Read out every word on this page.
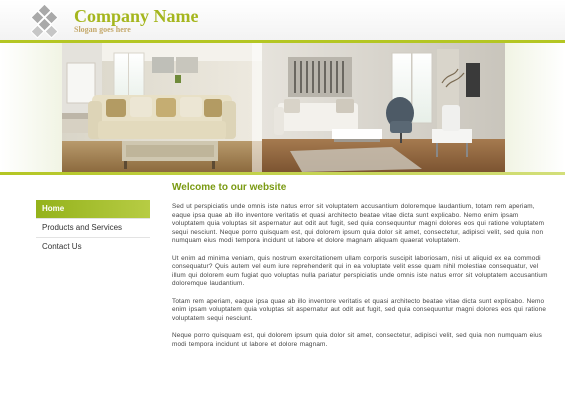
Company Name
Slogan goes here
Home
Products and Services
Contact Us
Welcome to our website

Sed ut perspiciatis unde omnis iste natus error sit voluptatem accusantium doloremque laudantium, totam rem aperiam, eaque ipsa quae ab illo inventore veritatis et quasi architecto beatae vitae dicta sunt explicabo. Nemo enim ipsam voluptatem quia voluptas sit aspernatur aut odit aut fugit, sed quia consequuntur magni dolores eos qui ratione voluptatem sequi nesciunt. Neque porro quisquam est, qui dolorem ipsum quia dolor sit amet, consectetur, adipisci velit, sed quia non numquam eius modi tempora incidunt ut labore et dolore magnam aliquam quaerat voluptatem.

Ut enim ad minima veniam, quis nostrum exercitationem ullam corporis suscipit laboriosam, nisi ut aliquid ex ea commodi consequatur? Quis autem vel eum iure reprehenderit qui in ea voluptate velit esse quam nihil molestiae consequatur, vel illum qui dolorem eum fugiat quo voluptas nulla pariatur perspiciatis unde omnis iste natus error sit voluptatem accusantium doloremque laudantium.

Totam rem aperiam, eaque ipsa quae ab illo inventore veritatis et quasi architecto beatae vitae dicta sunt explicabo. Nemo enim ipsam voluptatem quia voluptas sit aspernatur aut odit aut fugit, sed quia consequuntur magni dolores eos qui ratione voluptatem sequi nesciunt.

Neque porro quisquam est, qui dolorem ipsum quia dolor sit amet, consectetur, adipisci velit, sed quia non numquam eius modi tempora incidunt ut labore et dolore magnam.
